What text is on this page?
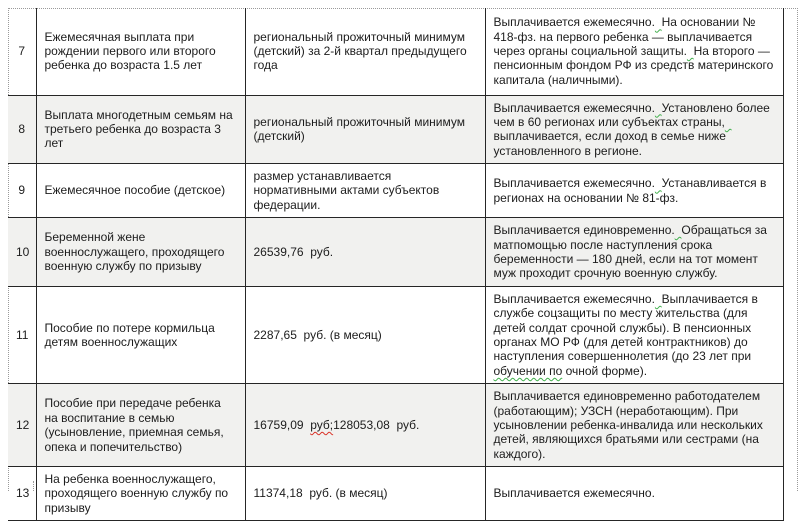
7	Ежемесячная выплата при рождении первого или второго ребенка до возраста 1.5 лет	региональный прожиточный минимум (детский) за 2-й квартал предыдущего года	Выплачивается ежемесячно. На основании № 418-фз. на первого ребенка — выплачивается через органы социальной защиты. На второго — пенсионным фондом РФ из средств материнского капитала (наличными).
8	Выплата многодетным семьям на третьего ребенка до возраста 3 лет	региональный прожиточный минимум (детский)	Выплачивается ежемесячно. Установлено более чем в 60 регионах или субъектах страны,  выплачивается, если доход в семье ниже установленного в регионе.
9	Ежемесячное пособие (детское)	размер устанавливается нормативными актами субъектов федерации.	Выплачивается ежемесячно. Устанавливается в регионах на основании № 81-фз.
10	Беременной жене военнослужащего, проходящего военную службу по призыву	26539,76  руб.	Выплачивается единовременно. Обращаться за матпомощью после наступления срока беременности — 180 дней, если на тот момент муж проходит срочную военную службу.
11	Пособие по потере кормильца детям военнослужащих	2287,65  руб. (в месяц)	Выплачивается ежемесячно. Выплачивается в службе соцзащиты по месту жительства (для детей солдат срочной службы). В пенсионных органах МО РФ (для детей контрактников) до наступления совершеннолетия (до 23 лет при обучении по очной форме).
12	Пособие при передаче ребенка на воспитание в семью (усыновление, приемная семья, опека и попечительство)	16759,09  руб;128053,08  руб.	Выплачивается единовременно работодателем (работающим); УЗСН (неработающим). При усыновлении ребенка-инвалида или нескольких детей, являющихся братьями или сестрами (на каждого).
13	На ребенка военнослужащего, проходящего военную службу по призыву	11374,18  руб. (в месяц)	Выплачивается ежемесячно.
